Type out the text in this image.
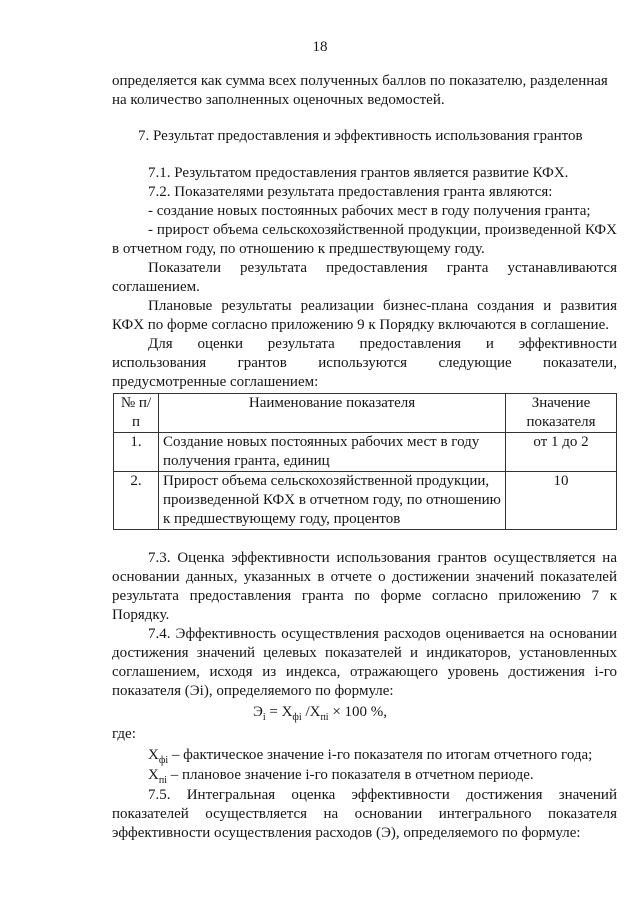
18
определяется как сумма всех полученных баллов по показателю, разделенная
на количество заполненных оценочных ведомостей.
7. Результат предоставления и эффективность использования грантов
7.1. Результатом предоставления грантов является развитие КФХ.
7.2. Показателями результата предоставления гранта являются:
- создание новых постоянных рабочих мест в году получения гранта;
- прирост объема сельскохозяйственной продукции, произведенной КФХ в отчетном году, по отношению к предшествующему году.
Показатели результата предоставления гранта устанавливаются соглашением.
Плановые результаты реализации бизнес-плана создания и развития КФХ по форме согласно приложению 9 к Порядку включаются в соглашение.
Для оценки результата предоставления и эффективности
использования грантов используются следующие показатели,
№ п/п	Наименование показателя	Значение показателя
1.	Создание новых постоянных рабочих мест в году получения гранта, единиц	от 1 до 2
2.	Прирост объема сельскохозяйственной продукции, произведенной КФХ в отчетном году, по отношению к предшествующему году, процентов	10
7.3. Оценка эффективности использования грантов осуществляется на основании данных, указанных в отчете о достижении значений показателей результата предоставления гранта по форме согласно приложению 7 к Порядку.
7.4. Эффективность осуществления расходов оценивается на основании достижения значений целевых показателей и индикаторов, установленных соглашением, исходя из индекса, отражающего уровень достижения i-го показателя (Эi), определяемого по формуле:
$Э_i = X_{фi}$ $/X_{пi} \times 100$ %,
где:
$X_{фi}$ – фактическое значение i-го показателя по итогам отчетного года;
$X_{пi}$ – плановое значение i-го показателя в отчетном периоде.
7.5. Интегральная оценка эффективности достижения значений показателей осуществляется на основании интегрального показателя эффективности осуществления расходов (Э), определяемого по формуле:
предусмотренные соглашением:
